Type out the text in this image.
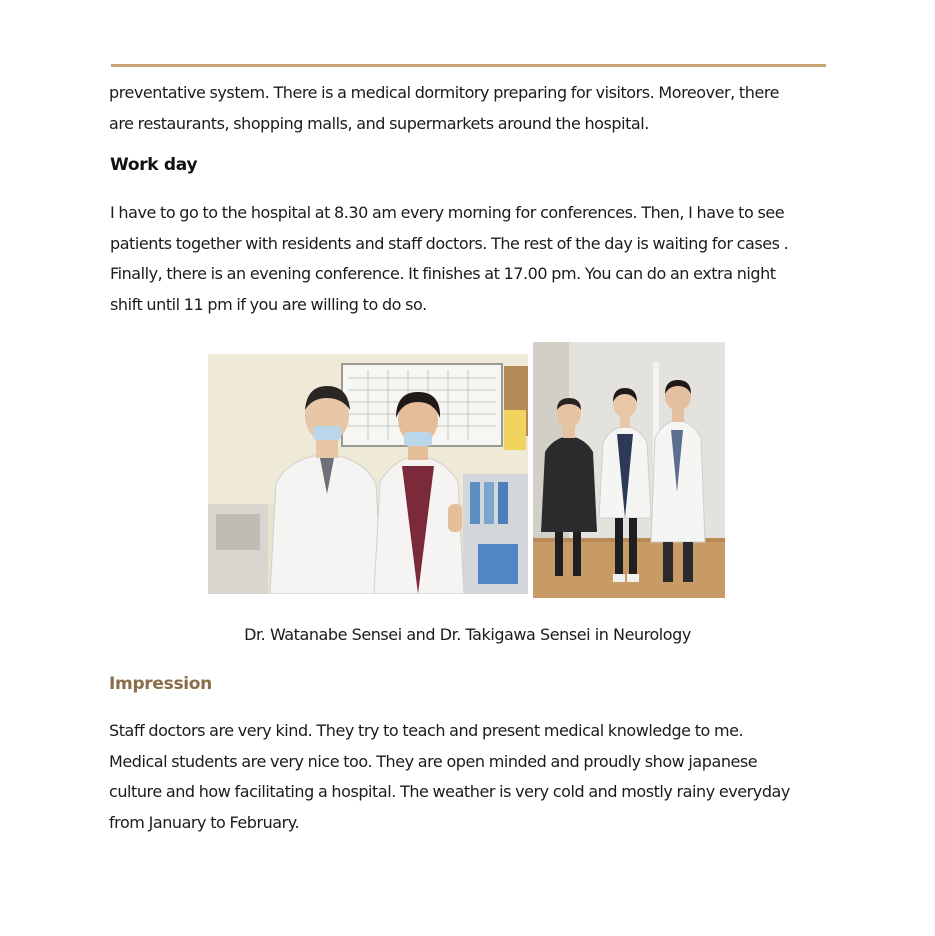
preventative system. There is a medical dormitory preparing for visitors. Moreover, there
are restaurants, shopping malls, and supermarkets around the hospital.

Work day

I have to go to the hospital at 8.30 am every morning for conferences. Then, I have to see
patients together with residents and staff doctors. The rest of the day is waiting for cases .
Finally, there is an evening conference. It finishes at 17.00 pm. You can do an extra night
shift until 11 pm if you are willing to do so.

Dr. Watanabe Sensei and Dr. Takigawa Sensei in Neurology

Impression

Staff doctors are very kind. They try to teach and present medical knowledge to me.
Medical students are very nice too. They are open minded and proudly show japanese
culture and how facilitating a hospital. The weather is very cold and mostly rainy everyday
from January to February.
